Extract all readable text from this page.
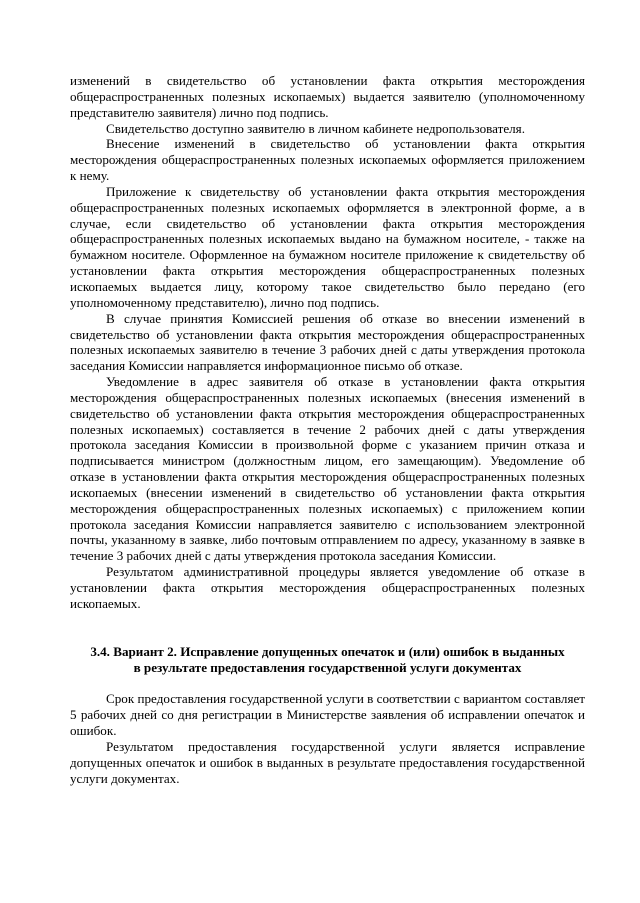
изменений в свидетельство об установлении факта открытия месторождения общераспространенных полезных ископаемых) выдается заявителю (уполномоченному представителю заявителя) лично под подпись.

Свидетельство доступно заявителю в личном кабинете недропользователя.

Внесение изменений в свидетельство об установлении факта открытия месторождения общераспространенных полезных ископаемых оформляется приложением к нему.

Приложение к свидетельству об установлении факта открытия месторождения общераспространенных полезных ископаемых оформляется в электронной форме, а в случае, если свидетельство об установлении факта открытия месторождения общераспространенных полезных ископаемых выдано на бумажном носителе, - также на бумажном носителе. Оформленное на бумажном носителе приложение к свидетельству об установлении факта открытия месторождения общераспространенных полезных ископаемых выдается лицу, которому такое свидетельство было передано (его уполномоченному представителю), лично под подпись.

В случае принятия Комиссией решения об отказе во внесении изменений в свидетельство об установлении факта открытия месторождения общераспространенных полезных ископаемых заявителю в течение 3 рабочих дней с даты утверждения протокола заседания Комиссии направляется информационное письмо об отказе.

Уведомление в адрес заявителя об отказе в установлении факта открытия месторождения общераспространенных полезных ископаемых (внесения изменений в свидетельство об установлении факта открытия месторождения общераспространенных полезных ископаемых) составляется в течение 2 рабочих дней с даты утверждения протокола заседания Комиссии в произвольной форме с указанием причин отказа и подписывается министром (должностным лицом, его замещающим). Уведомление об отказе в установлении факта открытия месторождения общераспространенных полезных ископаемых (внесении изменений в свидетельство об установлении факта открытия месторождения общераспространенных полезных ископаемых) с приложением копии протокола заседания Комиссии направляется заявителю с использованием электронной почты, указанному в заявке, либо почтовым отправлением по адресу, указанному в заявке в течение 3 рабочих дней с даты утверждения протокола заседания Комиссии.

Результатом административной процедуры является уведомление об отказе в установлении факта открытия месторождения общераспространенных полезных ископаемых.

3.4. Вариант 2. Исправление допущенных опечаток и (или) ошибок в выданных

в результате предоставления государственной услуги документах

Срок предоставления государственной услуги в соответствии с вариантом составляет 5 рабочих дней со дня регистрации в Министерстве заявления об исправлении опечаток и ошибок.

Результатом предоставления государственной услуги является исправление допущенных опечаток и ошибок в выданных в результате предоставления государственной услуги документах.
